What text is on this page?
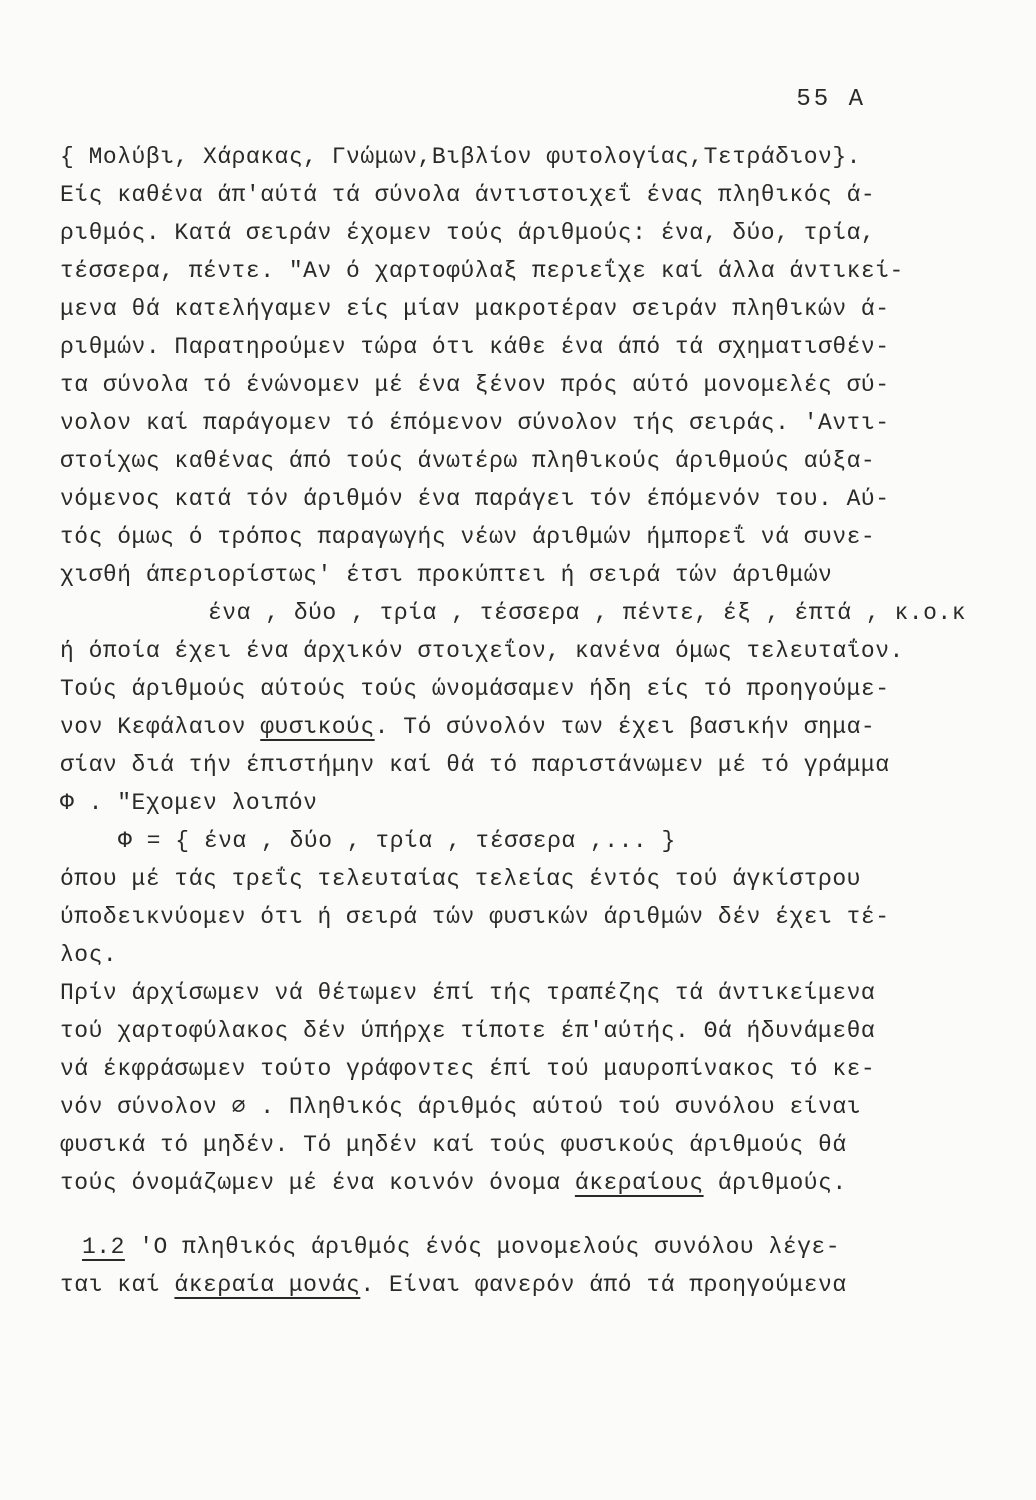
55 A
{ Μολύβι, Χάρακας, Γνώμων,Βιβλίον φυτολογίας,Τετράδιον}.
Είς καθένα άπ'αύτά τά σύνολα άντιστοιχεΐ ένας πληθικός ά-
ριθμός. Κατά σειράν έχομεν τούς άριθμούς: ένα, δύο, τρία,
τέσσερα, πέντε. "Αν ό χαρτοφύλαξ περιεΐχε καί άλλα άντικεί-
μενα θά κατελήγαμεν είς μίαν μακροτέραν σειράν πληθικών ά-
ριθμών. Παρατηρούμεν τώρα ότι κάθε ένα άπό τά σχηματισθέν-
τα σύνολα τό ένώνομεν μέ ένα ξένον πρός αύτό μονομελές σύ-
νολον καί παράγομεν τό έπόμενον σύνολον τής σειράς. 'Αντι-
στοίχως καθένας άπό τούς άνωτέρω πληθικούς άριθμούς αύξα-
νόμενος κατά τόν άριθμόν ένα παράγει τόν έπόμενόν του. Αύ-
τός όμως ό τρόπος παραγωγής νέων άριθμών ήμπορεΐ νά συνε-
χισθή άπεριορίστως' έτσι προκύπτει ή σειρά τών άριθμών
ένα , δύο , τρία , τέσσερα , πέντε, έξ , έπτά , κ.ο.κ
ή όποία έχει ένα άρχικόν στοιχεΐον, κανένα όμως τελευταΐον.
Τούς άριθμούς αύτούς τούς ώνομάσαμεν ήδη είς τό προηγούμε-
νον Κεφάλαιον φυσικούς. Τό σύνολόν των έχει βασικήν σημα-
σίαν διά τήν έπιστήμην καί θά τό παριστάνωμεν μέ τό γράμμα
Φ . "Εχομεν λοιπόν
Φ = { ένα , δύο , τρία , τέσσερα ,... }
όπου μέ τάς τρεΐς τελευταίας τελείας έντός τού άγκίστρου
ύποδεικνύομεν ότι ή σειρά τών φυσικών άριθμών δέν έχει τέ-
λος.
Πρίν άρχίσωμεν νά θέτωμεν έπί τής τραπέζης τά άντικείμενα
τού χαρτοφύλακος δέν ύπήρχε τίποτε έπ'αύτής. Θά ήδυνάμεθα
νά έκφράσωμεν τούτο γράφοντες έπί τού μαυροπίνακος τό κε-
νόν σύνολον ∅ . Πληθικός άριθμός αύτού τού συνόλου είναι
φυσικά τό μηδέν. Τό μηδέν καί τούς φυσικούς άριθμούς θά
τούς όνομάζωμεν μέ ένα κοινόν όνομα άκεραίους άριθμούς.
1.2 'Ο πληθικός άριθμός ένός μονομελούς συνόλου λέγε-
ται καί άκεραία μονάς. Είναι φανερόν άπό τά προηγούμενα
